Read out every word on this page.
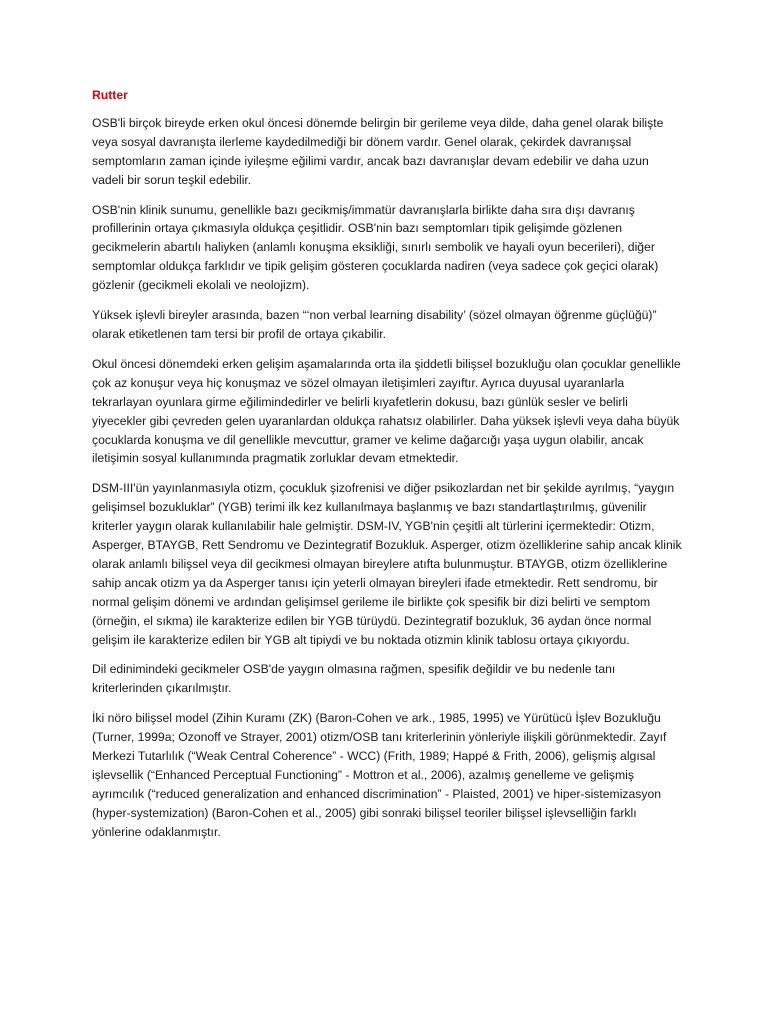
Rutter

OSB'li birçok bireyde erken okul öncesi dönemde belirgin bir gerileme veya dilde, daha genel olarak bilişte veya sosyal davranışta ilerleme kaydedilmediği bir dönem vardır. Genel olarak, çekirdek davranışsal semptomların zaman içinde iyileşme eğilimi vardır, ancak bazı davranışlar devam edebilir ve daha uzun vadeli bir sorun teşkil edebilir.

OSB'nin klinik sunumu, genellikle bazı gecikmiş/immatür davranışlarla birlikte daha sıra dışı davranış profillerinin ortaya çıkmasıyla oldukça çeşitlidir. OSB'nin bazı semptomları tipik gelişimde gözlenen gecikmelerin abartılı haliyken (anlamlı konuşma eksikliği, sınırlı sembolik ve hayali oyun becerileri), diğer semptomlar oldukça farklıdır ve tipik gelişim gösteren çocuklarda nadiren (veya sadece çok geçici olarak) gözlenir (gecikmeli ekolali ve neolojizm).

Yüksek işlevli bireyler arasında, bazen “‘non verbal learning disability’ (sözel olmayan öğrenme güçlüğü)” olarak etiketlenen tam tersi bir profil de ortaya çıkabilir.

Okul öncesi dönemdeki erken gelişim aşamalarında orta ila şiddetli bilişsel bozukluğu olan çocuklar genellikle çok az konuşur veya hiç konuşmaz ve sözel olmayan iletişimleri zayıftır. Ayrıca duyusal uyaranlarla tekrarlayan oyunlara girme eğilimindedirler ve belirli kıyafetlerin dokusu, bazı günlük sesler ve belirli yiyecekler gibi çevreden gelen uyaranlardan oldukça rahatsız olabilirler. Daha yüksek işlevli veya daha büyük çocuklarda konuşma ve dil genellikle mevcuttur, gramer ve kelime dağarcığı yaşa uygun olabilir, ancak iletişimin sosyal kullanımında pragmatik zorluklar devam etmektedir.

DSM-III'ün yayınlanmasıyla otizm, çocukluk şizofrenisi ve diğer psikozlardan net bir şekilde ayrılmış, “yaygın gelişimsel bozukluklar” (YGB) terimi ilk kez kullanılmaya başlanmış ve bazı standartlaştırılmış, güvenilir kriterler yaygın olarak kullanılabilir hale gelmiştir. DSM-IV, YGB'nin çeşitli alt türlerini içermektedir: Otizm, Asperger, BTAYGB, Rett Sendromu ve Dezintegratif Bozukluk. Asperger, otizm özelliklerine sahip ancak klinik olarak anlamlı bilişsel veya dil gecikmesi olmayan bireylere atıfta bulunmuştur. BTAYGB, otizm özelliklerine sahip ancak otizm ya da Asperger tanısı için yeterli olmayan bireyleri ifade etmektedir. Rett sendromu, bir normal gelişim dönemi ve ardından gelişimsel gerileme ile birlikte çok spesifik bir dizi belirti ve semptom (örneğin, el sıkma) ile karakterize edilen bir YGB türüydü. Dezintegratif bozukluk, 36 aydan önce normal gelişim ile karakterize edilen bir YGB alt tipiydi ve bu noktada otizmin klinik tablosu ortaya çıkıyordu.

Dil edinimindeki gecikmeler OSB'de yaygın olmasına rağmen, spesifik değildir ve bu nedenle tanı kriterlerinden çıkarılmıştır.

İki nöro bilişsel model (Zihin Kuramı (ZK) (Baron-Cohen ve ark., 1985, 1995) ve Yürütücü İşlev Bozukluğu (Turner, 1999a; Ozonoff ve Strayer, 2001) otizm/OSB tanı kriterlerinin yönleriyle ilişkili görünmektedir. Zayıf Merkezi Tutarlılık (“Weak Central Coherence” - WCC) (Frith, 1989; Happé & Frith, 2006), gelişmiş algısal işlevsellik (“Enhanced Perceptual Functioning” - Mottron et al., 2006), azalmış genelleme ve gelişmiş ayrımcılık (“reduced generalization and enhanced discrimination” - Plaisted, 2001) ve hiper-sistemizasyon (hyper-systemization) (Baron-Cohen et al., 2005) gibi sonraki bilişsel teoriler bilişsel işlevselliğin farklı yönlerine odaklanmıştır.
